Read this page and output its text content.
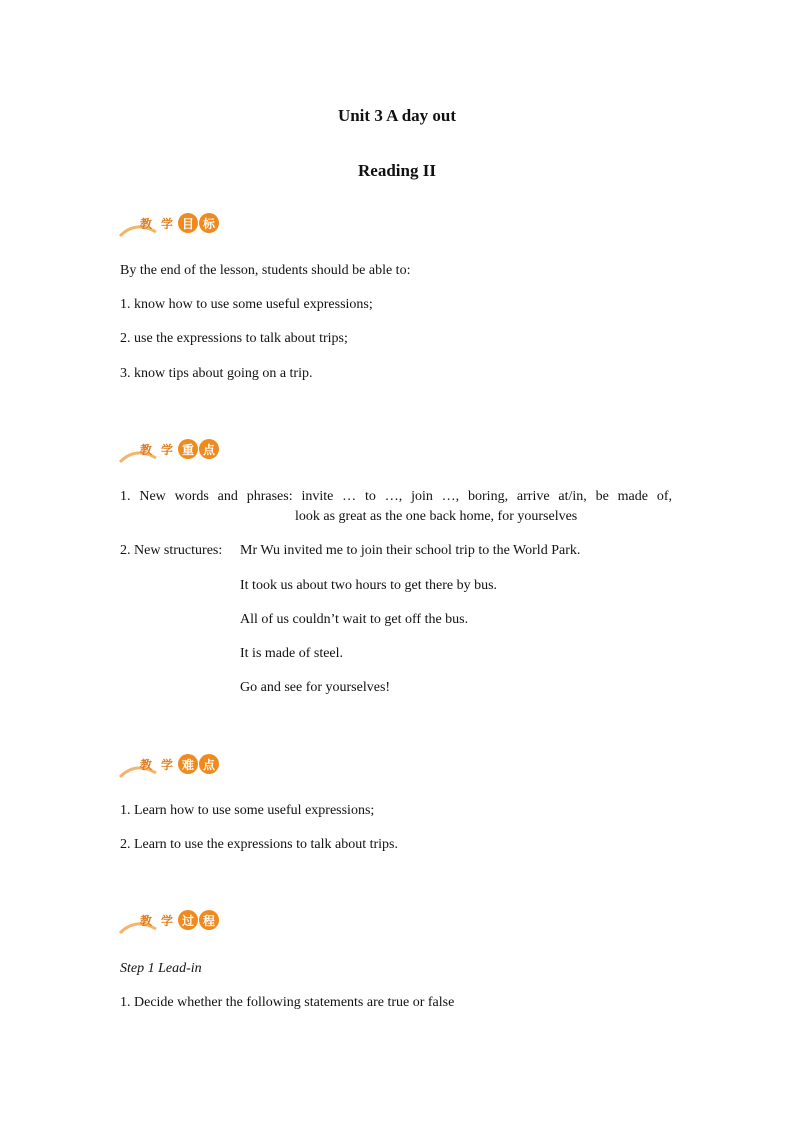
Unit 3 A day out
Reading II
教 学 目 标
By the end of the lesson, students should be able to:
1. know how to use some useful expressions;
2. use the expressions to talk about trips;
3. know tips about going on a trip.
教 学 重 点
1. New words and phrases: invite … to …, join …, boring, arrive at/in, be made of,
look as great as the one back home, for yourselves
2. New structures: Mr Wu invited me to join their school trip to the World Park.
It took us about two hours to get there by bus.
All of us couldn’t wait to get off the bus.
It is made of steel.
Go and see for yourselves!
教 学 难 点
1. Learn how to use some useful expressions;
2. Learn to use the expressions to talk about trips.
教 学 过 程
Step 1 Lead-in
1. Decide whether the following statements are true or false
